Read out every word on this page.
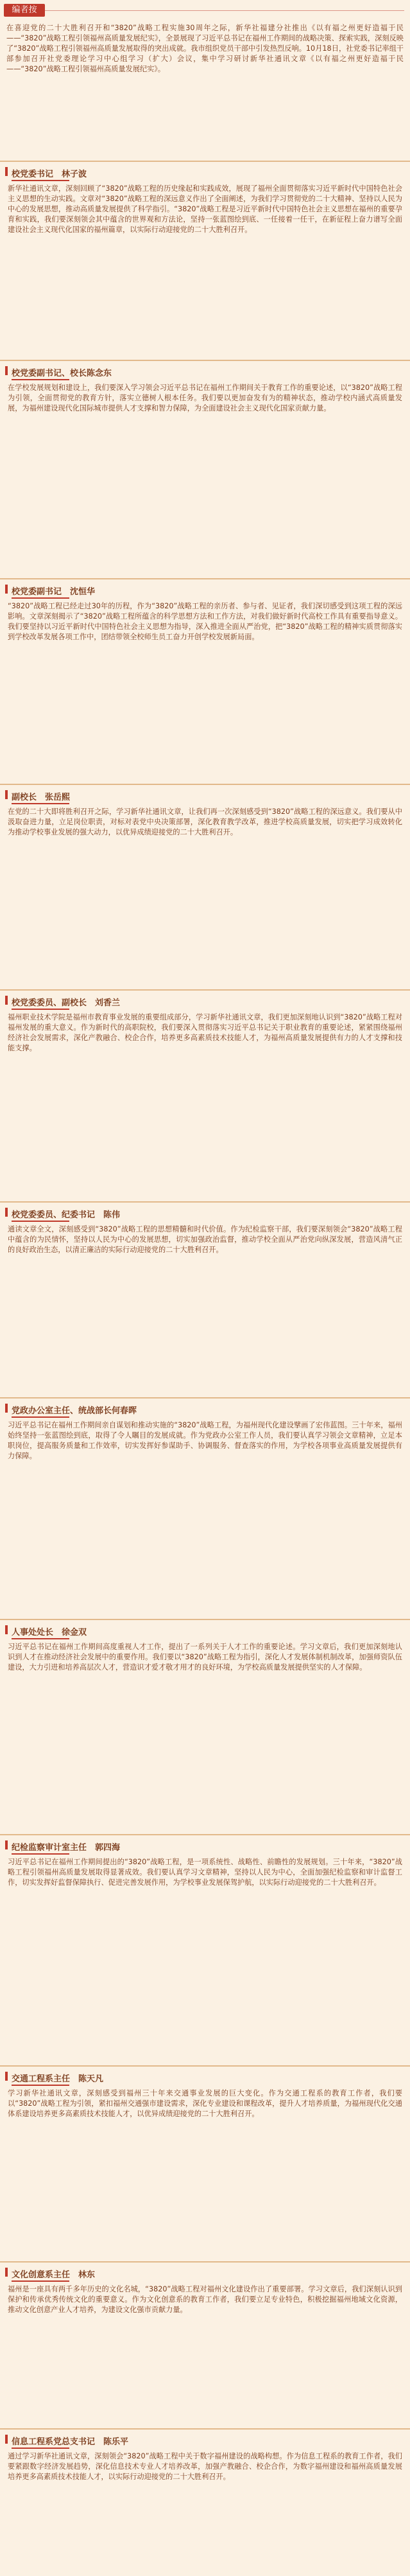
编者按
在喜迎党的二十大胜利召开和“3820”战略工程实施30周年之际，新华社福建分社推出《以有福之州更好造福于民——“3820”战略工程引领福州高质量发展纪实》，全景展现了习近平总书记在福州工作期间的战略决策、探索实践，深刻反映了“3820”战略工程引领福州高质量发展取得的突出成就。我市组织党员干部中引发热烈反响。10月18日，社党委书记率组干部参加召开社党委理论学习中心组学习（扩大）会议，集中学习研讨新华社通讯文章《以有福之州更好造福于民——“3820”战略工程引领福州高质量发展纪实》。
校党委书记　林子波
新华社通讯文章，深刻回顾了“3820”战略工程的历史缘起和实践成效，展现了福州全面贯彻落实习近平新时代中国特色社会主义思想的生动实践。文章对“3820”战略工程的深远意义作出了全面阐述，为我们学习贯彻党的二十大精神、坚持以人民为中心的发展思想，推动高质量发展提供了科学指引。“3820”战略工程是习近平新时代中国特色社会主义思想在福州的重要孕育和实践，我们要深刻领会其中蕴含的世界观和方法论，坚持一张蓝图绘到底、一任接着一任干，在新征程上奋力谱写全面建设社会主义现代化国家的福州篇章，以实际行动迎接党的二十大胜利召开。
校党委副书记、校长陈念东
在学校发展规划和建设上，我们要深入学习领会习近平总书记在福州工作期间关于教育工作的重要论述，以“3820”战略工程为引领，全面贯彻党的教育方针，落实立德树人根本任务。我们要以更加奋发有为的精神状态，推动学校内涵式高质量发展，为福州建设现代化国际城市提供人才支撑和智力保障，为全面建设社会主义现代化国家贡献力量。
校党委副书记　沈恒华
“3820”战略工程已经走过30年的历程，作为“3820”战略工程的亲历者、参与者、见证者，我们深切感受到这项工程的深远影响。文章深刻揭示了“3820”战略工程所蕴含的科学思想方法和工作方法，对我们做好新时代高校工作具有重要指导意义。我们要坚持以习近平新时代中国特色社会主义思想为指导，深入推进全面从严治党，把“3820”战略工程的精神实质贯彻落实到学校改革发展各项工作中，团结带领全校师生员工奋力开创学校发展新局面。
副校长　张岳熙
在党的二十大即将胜利召开之际，学习新华社通讯文章，让我们再一次深刻感受到“3820”战略工程的深远意义。我们要从中汲取奋进力量，立足岗位职责，对标对表党中央决策部署，深化教育教学改革，推进学校高质量发展，切实把学习成效转化为推动学校事业发展的强大动力，以优异成绩迎接党的二十大胜利召开。
校党委委员、副校长　刘香兰
福州职业技术学院是福州市教育事业发展的重要组成部分，学习新华社通讯文章，我们更加深刻地认识到“3820”战略工程对福州发展的重大意义。作为新时代的高职院校，我们要深入贯彻落实习近平总书记关于职业教育的重要论述，紧紧围绕福州经济社会发展需求，深化产教融合、校企合作，培养更多高素质技术技能人才，为福州高质量发展提供有力的人才支撑和技能支撑。
校党委委员、纪委书记　陈伟
通读文章全文，深刻感受到“3820”战略工程的思想精髓和时代价值。作为纪检监察干部，我们要深刻领会“3820”战略工程中蕴含的为民情怀，坚持以人民为中心的发展思想，切实加强政治监督，推动学校全面从严治党向纵深发展，营造风清气正的良好政治生态，以清正廉洁的实际行动迎接党的二十大胜利召开。
党政办公室主任、统战部长何春晖
习近平总书记在福州工作期间亲自谋划和推动实施的“3820”战略工程，为福州现代化建设擘画了宏伟蓝图。三十年来，福州始终坚持一张蓝图绘到底，取得了令人瞩目的发展成就。作为党政办公室工作人员，我们要认真学习领会文章精神，立足本职岗位，提高服务质量和工作效率，切实发挥好参谋助手、协调服务、督查落实的作用，为学校各项事业高质量发展提供有力保障。
人事处处长　徐金双
习近平总书记在福州工作期间高度重视人才工作，提出了一系列关于人才工作的重要论述。学习文章后，我们更加深刻地认识到人才在推动经济社会发展中的重要作用。我们要以“3820”战略工程为指引，深化人才发展体制机制改革，加强师资队伍建设，大力引进和培养高层次人才，营造识才爱才敬才用才的良好环境，为学校高质量发展提供坚实的人才保障。
纪检监察审计室主任　郭四海
习近平总书记在福州工作期间提出的“3820”战略工程，是一项系统性、战略性、前瞻性的发展规划。三十年来，“3820”战略工程引领福州高质量发展取得显著成效。我们要认真学习文章精神，坚持以人民为中心，全面加强纪检监察和审计监督工作，切实发挥好监督保障执行、促进完善发展作用，为学校事业发展保驾护航，以实际行动迎接党的二十大胜利召开。
交通工程系主任　陈天凡
学习新华社通讯文章，深刻感受到福州三十年来交通事业发展的巨大变化。作为交通工程系的教育工作者，我们要以“3820”战略工程为引领，紧扣福州交通强市建设需求，深化专业建设和课程改革，提升人才培养质量，为福州现代化交通体系建设培养更多高素质技术技能人才，以优异成绩迎接党的二十大胜利召开。
文化创意系主任　林东
福州是一座具有两千多年历史的文化名城，“3820”战略工程对福州文化建设作出了重要部署。学习文章后，我们深刻认识到保护和传承优秀传统文化的重要意义。作为文化创意系的教育工作者，我们要立足专业特色，积极挖掘福州地域文化资源，推动文化创意产业人才培养，为建设文化强市贡献力量。
信息工程系党总支书记　陈乐平
通过学习新华社通讯文章，深刻领会“3820”战略工程中关于数字福州建设的战略构想。作为信息工程系的教育工作者，我们要紧跟数字经济发展趋势，深化信息技术专业人才培养改革，加强产教融合、校企合作，为数字福州建设和福州高质量发展培养更多高素质技术技能人才，以实际行动迎接党的二十大胜利召开。
